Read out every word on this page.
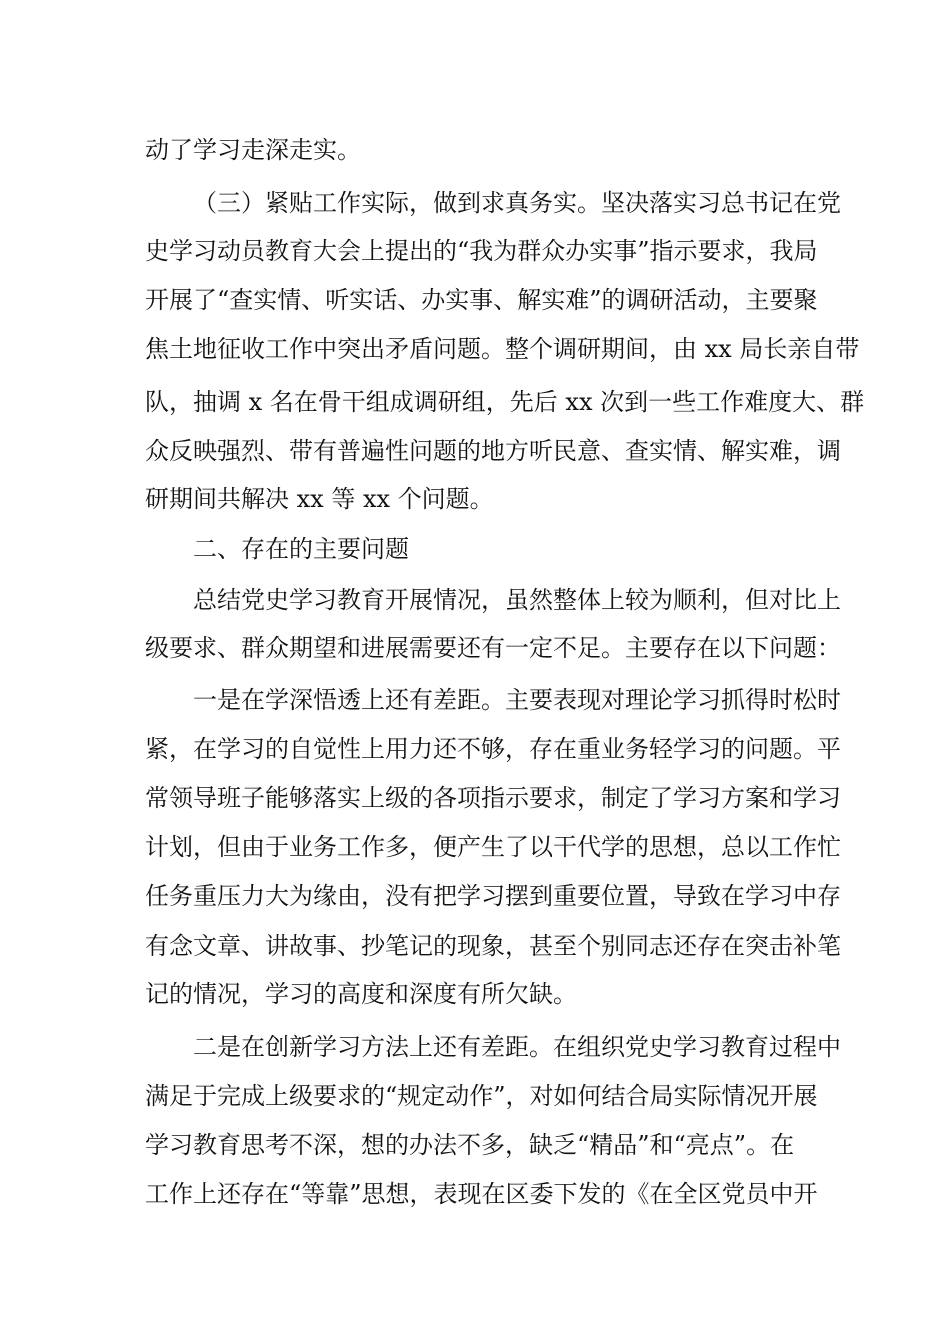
动了学习走深走实。

（三）紧贴工作实际，做到求真务实。坚决落实习总书记在党

史学习动员教育大会上提出的“我为群众办实事”指示要求，我局

开展了“查实情、听实话、办实事、解实难”的调研活动，主要聚

焦土地征收工作中突出矛盾问题。整个调研期间，由 xx 局长亲自带

队，抽调 x 名在骨干组成调研组，先后 xx 次到一些工作难度大、群

众反映强烈、带有普遍性问题的地方听民意、查实情、解实难，调

研期间共解决 xx 等 xx 个问题。

二、存在的主要问题

总结党史学习教育开展情况，虽然整体上较为顺利，但对比上

级要求、群众期望和进展需要还有一定不足。主要存在以下问题：

一是在学深悟透上还有差距。主要表现对理论学习抓得时松时

紧，在学习的自觉性上用力还不够，存在重业务轻学习的问题。平

常领导班子能够落实上级的各项指示要求，制定了学习方案和学习

计划，但由于业务工作多，便产生了以干代学的思想，总以工作忙

任务重压力大为缘由，没有把学习摆到重要位置，导致在学习中存

有念文章、讲故事、抄笔记的现象，甚至个别同志还存在突击补笔

记的情况，学习的高度和深度有所欠缺。

二是在创新学习方法上还有差距。在组织党史学习教育过程中

满足于完成上级要求的“规定动作”，对如何结合局实际情况开展

学习教育思考不深，想的办法不多，缺乏“精品”和“亮点”。在

工作上还存在“等靠”思想，表现在区委下发的《在全区党员中开
